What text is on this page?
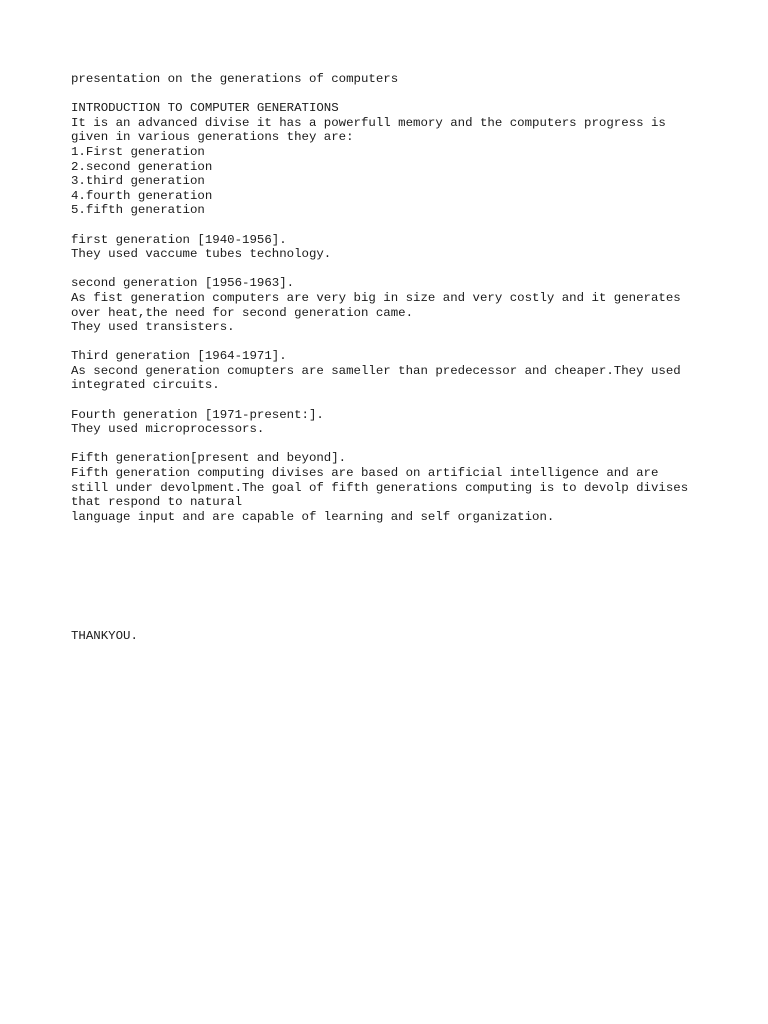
presentation on the generations of computers
INTRODUCTION TO COMPUTER GENERATIONS
It is an advanced divise it has a powerfull memory and the computers progress is
given in various generations they are:
1.First generation
2.second generation
3.third generation
4.fourth generation
5.fifth generation
first generation [1940-1956].
They used vaccume tubes technology.
second generation [1956-1963].
As fist generation computers are very big in size and very costly and it generates
over heat,the need for second generation came.
They used transisters.
Third generation [1964-1971].
As second generation comupters are sameller than predecessor and cheaper.They used
integrated circuits.
Fourth generation [1971-present:].
They used microprocessors.
Fifth generation[present and beyond].
Fifth generation computing divises are based on artificial intelligence and are
still under devolpment.The goal of fifth generations computing is to devolp divises
that respond to natural
language input and are capable of learning and self organization.
THANKYOU.
